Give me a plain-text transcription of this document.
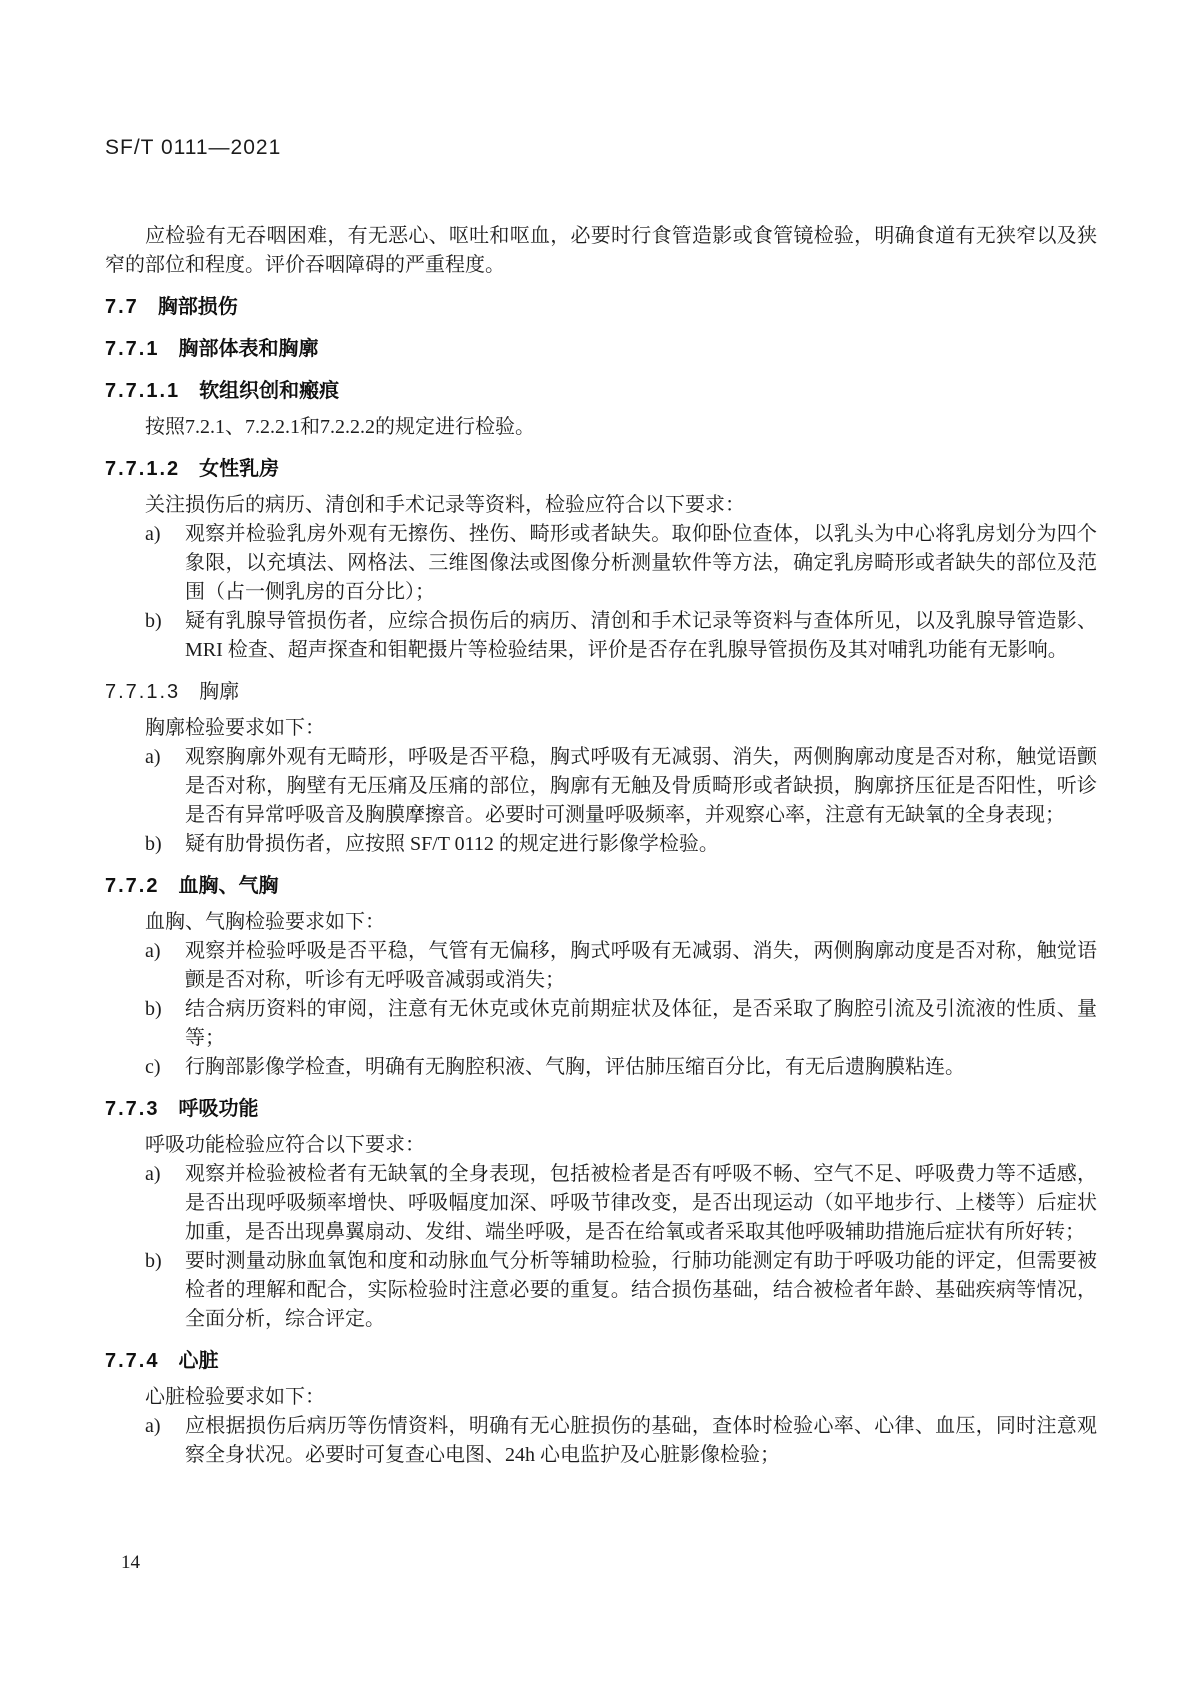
SF/T 0111—2021

应检验有无吞咽困难，有无恶心、呕吐和呕血，必要时行食管造影或食管镜检验，明确食道有无狭窄以及狭窄的部位和程度。评价吞咽障碍的严重程度。

7.7 胸部损伤
7.7.1 胸部体表和胸廓
7.7.1.1 软组织创和瘢痕

按照7.2.1、7.2.2.1和7.2.2.2的规定进行检验。

7.7.1.2 女性乳房

关注损伤后的病历、清创和手术记录等资料，检验应符合以下要求：

a)	观察并检验乳房外观有无擦伤、挫伤、畸形或者缺失。取仰卧位查体，以乳头为中心将乳房划分为四个象限，以充填法、网格法、三维图像法或图像分析测量软件等方法，确定乳房畸形或者缺失的部位及范围（占一侧乳房的百分比）；
b)	疑有乳腺导管损伤者，应综合损伤后的病历、清创和手术记录等资料与查体所见，以及乳腺导管造影、MRI 检查、超声探查和钼靶摄片等检验结果，评价是否存在乳腺导管损伤及其对哺乳功能有无影响。
7.7.1.3 胸廓

胸廓检验要求如下：

a)	观察胸廓外观有无畸形，呼吸是否平稳，胸式呼吸有无减弱、消失，两侧胸廓动度是否对称，触觉语颤是否对称，胸壁有无压痛及压痛的部位，胸廓有无触及骨质畸形或者缺损，胸廓挤压征是否阳性，听诊是否有异常呼吸音及胸膜摩擦音。必要时可测量呼吸频率，并观察心率，注意有无缺氧的全身表现；
b)	疑有肋骨损伤者，应按照 SF/T 0112 的规定进行影像学检验。
7.7.2 血胸、气胸

血胸、气胸检验要求如下：

a)	观察并检验呼吸是否平稳，气管有无偏移，胸式呼吸有无减弱、消失，两侧胸廓动度是否对称，触觉语颤是否对称，听诊有无呼吸音减弱或消失；
b)	结合病历资料的审阅，注意有无休克或休克前期症状及体征，是否采取了胸腔引流及引流液的性质、量等；
c)	行胸部影像学检查，明确有无胸腔积液、气胸，评估肺压缩百分比，有无后遗胸膜粘连。
7.7.3 呼吸功能

呼吸功能检验应符合以下要求：

a)	观察并检验被检者有无缺氧的全身表现，包括被检者是否有呼吸不畅、空气不足、呼吸费力等不适感，是否出现呼吸频率增快、呼吸幅度加深、呼吸节律改变，是否出现运动（如平地步行、上楼等）后症状加重，是否出现鼻翼扇动、发绀、端坐呼吸，是否在给氧或者采取其他呼吸辅助措施后症状有所好转；
b)	要时测量动脉血氧饱和度和动脉血气分析等辅助检验，行肺功能测定有助于呼吸功能的评定，但需要被检者的理解和配合，实际检验时注意必要的重复。结合损伤基础，结合被检者年龄、基础疾病等情况，全面分析，综合评定。
7.7.4 心脏

心脏检验要求如下：

a)	应根据损伤后病历等伤情资料，明确有无心脏损伤的基础，查体时检验心率、心律、血压，同时注意观察全身状况。必要时可复查心电图、24h 心电监护及心脏影像检验；
14
